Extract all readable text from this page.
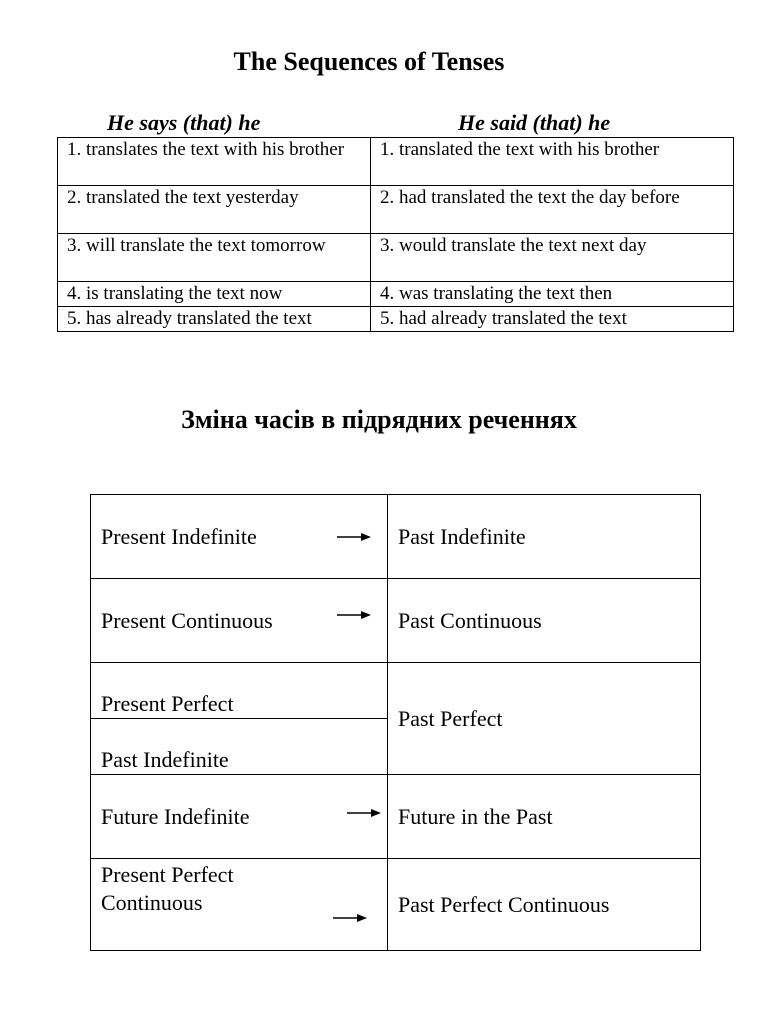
The Sequences of Tenses
He says (that) he	He said (that) he
1. translates the text with his brother	1. translated the text with his brother
2. translated the text yesterday	2. had translated the text the day before
3. will translate the text tomorrow	3. would translate the text next day
4. is translating the text now	4. was translating the text then
5. has already translated the text	5. had already translated the text
Зміна часів в підрядних реченнях
Present Indefinite	Past Indefinite
Present Continuous	Past Continuous
Present Perfect	Past Perfect
Past Indefinite	
Future Indefinite	Future in the Past

Present Perfect
Continuous	Past Perfect Continuous
